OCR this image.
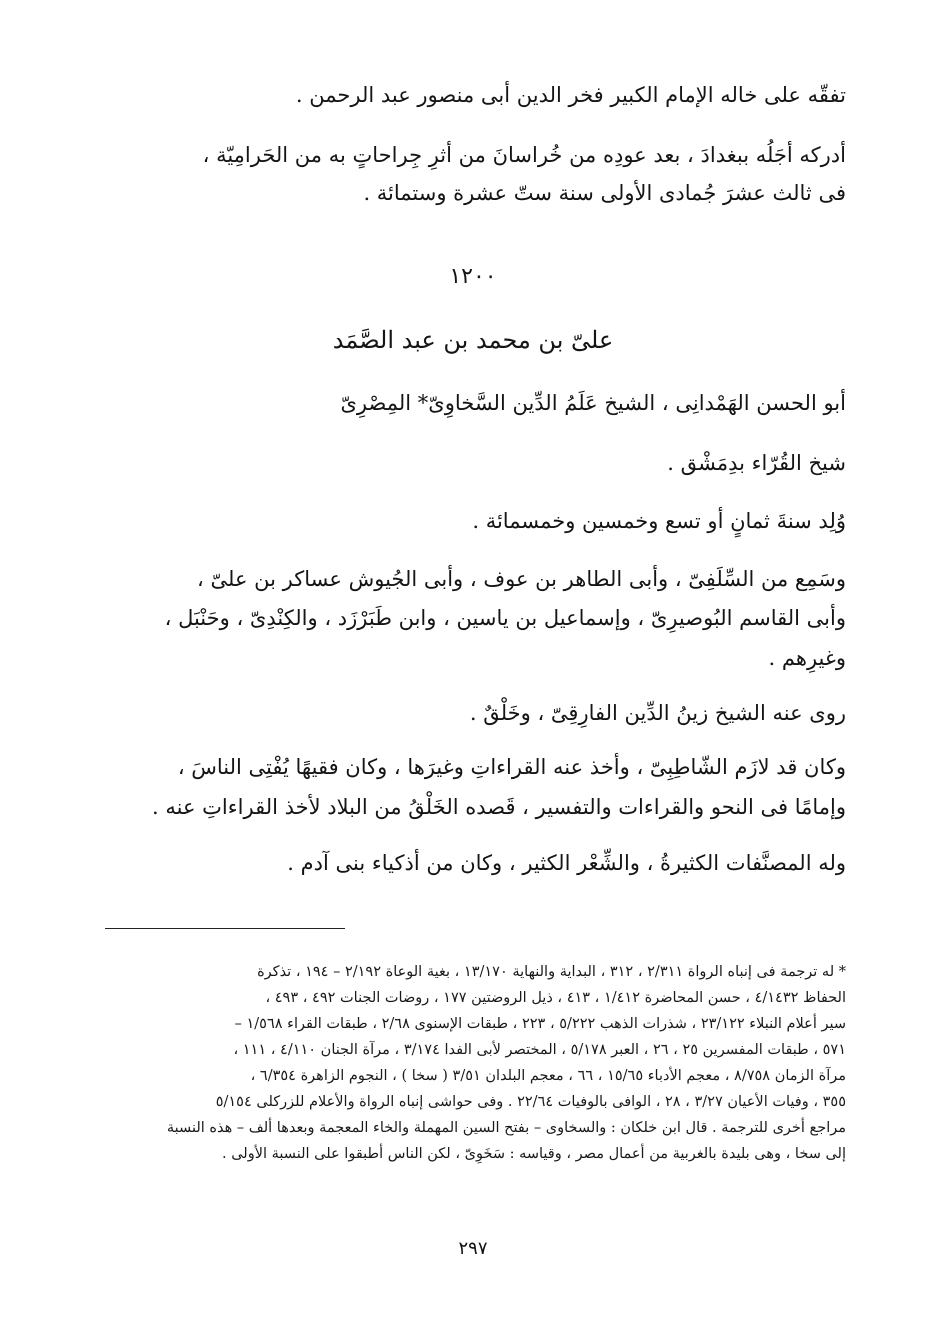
تفقّه على خاله الإمام الكبير فخر الدين أبى منصور عبد الرحمن .
أدركه أجَلُه ببغدادَ ، بعد عودِه من خُراسانَ من أثرِ جِراحاتٍ به من الحَرامِيّة ،
فى ثالث عشرَ جُمادى الأولى سنة ستّ عشرة وستمائة .
١٢٠٠
علىّ بن محمد بن عبد الصَّمَد
أبو الحسن الهَمْدانِى ، الشيخ عَلَمُ الدِّين السَّخاوِىّ* المِصْرِىّ
شيخ القُرّاء بدِمَشْق .
وُلِد سنةَ ثمانٍ أو تسع وخمسين وخمسمائة .
وسَمِع من السِّلَفِىّ ، وأبى الطاهر بن عوف ، وأبى الجُيوش عساكر بن علىّ ،
وأبى القاسم البُوصيرِىّ ، وإسماعيل بن ياسين ، وابن طَبَرْزَد ، والكِنْدِىّ ، وحَنْبَل ،
وغيرِهم .
روى عنه الشيخ زينُ الدِّين الفارِقِىّ ، وخَلْقٌ .
وكان قد لازَم الشّاطِبِىّ ، وأخذ عنه القراءاتِ وغيرَها ، وكان فقيهًا يُفْتِى الناسَ ،
وإمامًا فى النحو والقراءات والتفسير ، قَصده الخَلْقُ من البلاد لأخذ القراءاتِ عنه .
وله المصنَّفات الكثيرةُ ، والشِّعْر الكثير ، وكان من أذكياء بنى آدم .
* له ترجمة فى إنباه الرواة ٢/٣١١ ، ٣١٢ ، البداية والنهاية ١٣/١٧٠ ، بغية الوعاة ٢/١٩٢ – ١٩٤ ، تذكرة
الحفاظ ٤/١٤٣٢ ، حسن المحاضرة ١/٤١٢ ، ٤١٣ ، ذيل الروضتين ١٧٧ ، روضات الجنات ٤٩٢ ، ٤٩٣ ،
سير أعلام النبلاء ٢٣/١٢٢ ، شذرات الذهب ٥/٢٢٢ ، ٢٢٣ ، طبقات الإسنوى ٢/٦٨ ، طبقات القراء ١/٥٦٨ –
٥٧١ ، طبقات المفسرين ٢٥ ، ٢٦ ، العبر ٥/١٧٨ ، المختصر لأبى الفدا ٣/١٧٤ ، مرآة الجنان ٤/١١٠ ، ١١١ ،
مرآة الزمان ٨/٧٥٨ ، معجم الأدباء ١٥/٦٥ ، ٦٦ ، معجم البلدان ٣/٥١ ( سخا ) ، النجوم الزاهرة ٦/٣٥٤ ،
٣٥٥ ، وفيات الأعيان ٣/٢٧ ، ٢٨ ، الوافى بالوفيات ٢٢/٦٤ . وفى حواشى إنباه الرواة والأعلام للزركلى ٥/١٥٤
مراجع أخرى للترجمة . قال ابن خلكان : والسخاوى – بفتح السين المهملة والخاء المعجمة وبعدها ألف – هذه النسبة
إلى سخا ، وهى بليدة بالغربية من أعمال مصر ، وقياسه : سَخَوِىّ ، لكن الناس أطبقوا على النسبة الأولى .
٢٩٧
